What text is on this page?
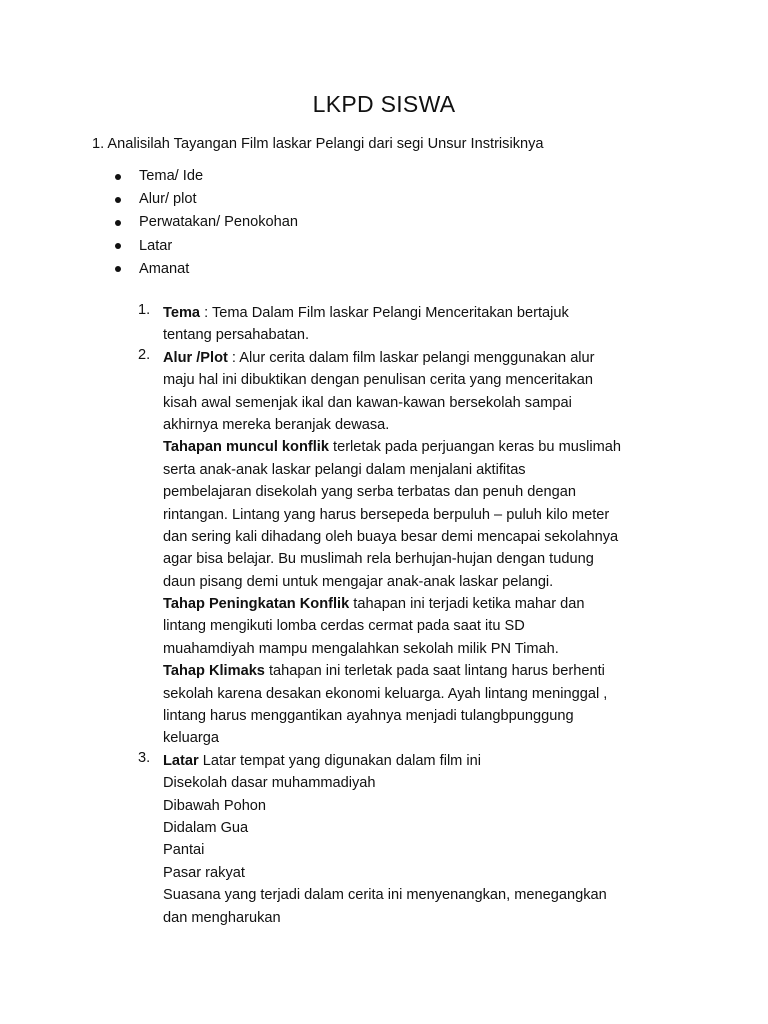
LKPD SISWA
1. Analisilah Tayangan Film laskar Pelangi dari segi Unsur Instrisiknya
Tema/ Ide
Alur/ plot
Perwatakan/ Penokohan
Latar
Amanat
1. Tema : Tema Dalam Film laskar Pelangi Menceritakan bertajuk
tentang persahabatan.
2. Alur /Plot : Alur cerita dalam film laskar pelangi menggunakan alur
maju hal ini dibuktikan dengan penulisan cerita yang menceritakan
kisah awal semenjak ikal dan kawan-kawan bersekolah sampai
akhirnya mereka beranjak dewasa.
Tahapan muncul konflik terletak pada perjuangan keras bu muslimah
serta anak-anak laskar pelangi dalam menjalani aktifitas
pembelajaran disekolah yang serba terbatas dan penuh dengan
rintangan. Lintang yang harus bersepeda berpuluh – puluh kilo meter
dan sering kali dihadang oleh buaya besar demi mencapai sekolahnya
agar bisa belajar. Bu muslimah rela berhujan-hujan dengan tudung
daun pisang demi untuk mengajar anak-anak laskar pelangi.
Tahap Peningkatan Konflik tahapan ini terjadi ketika mahar dan
lintang mengikuti lomba cerdas cermat pada saat itu SD
muahamdiyah mampu mengalahkan sekolah milik PN Timah.
Tahap Klimaks tahapan ini terletak pada saat lintang harus berhenti
sekolah karena desakan ekonomi keluarga. Ayah lintang meninggal ,
lintang harus menggantikan ayahnya menjadi tulangbpunggung
keluarga
3. Latar Latar tempat yang digunakan dalam film ini
Disekolah dasar muhammadiyah
Dibawah Pohon
Didalam Gua
Pantai
Pasar rakyat
Suasana yang terjadi dalam cerita ini menyenangkan, menegangkan
dan mengharukan
